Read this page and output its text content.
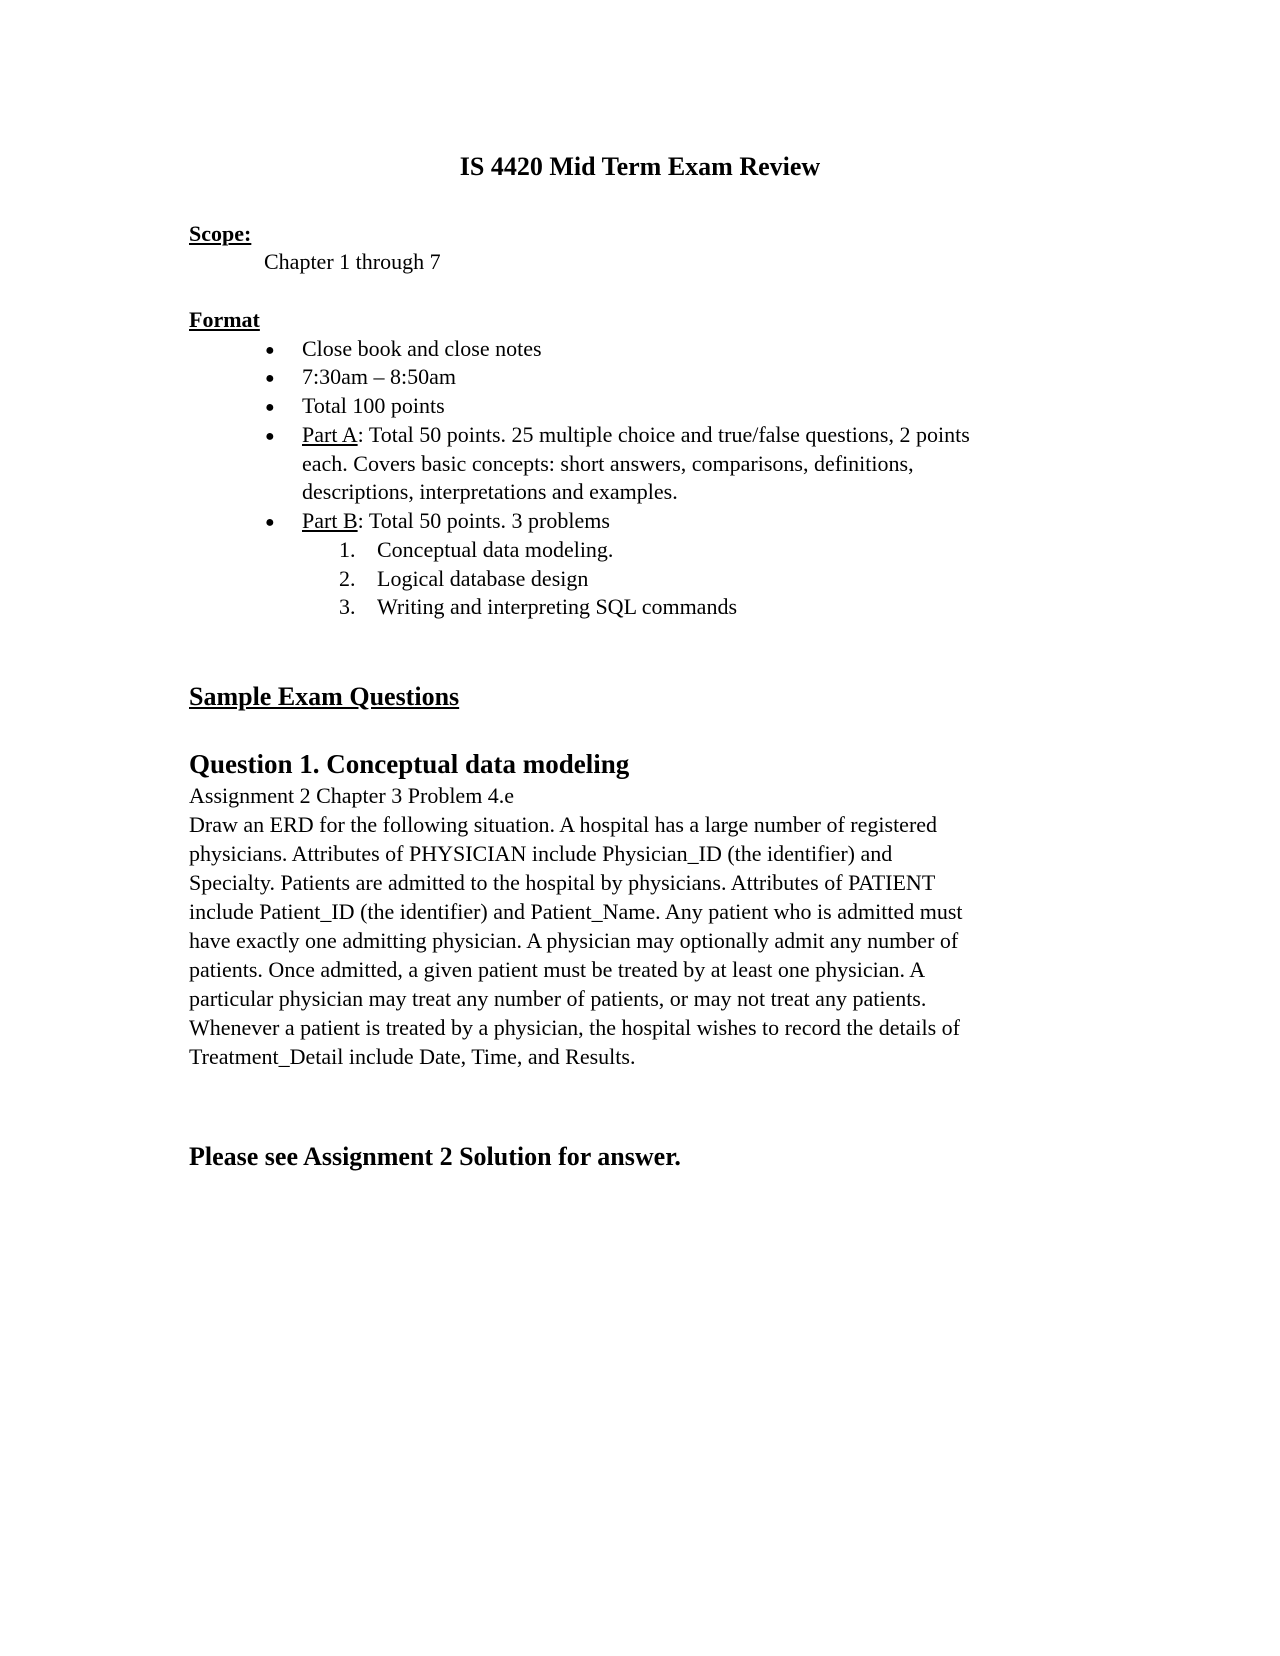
IS 4420 Mid Term Exam Review
Scope:
Chapter 1 through 7
Format
● Close book and close notes
● 7:30am – 8:50am
● Total 100 points
● Part A: Total 50 points. 25 multiple choice and true/false questions, 2 points
each. Covers basic concepts: short answers, comparisons, definitions,
descriptions, interpretations and examples.
● Part B: Total 50 points. 3 problems
1. Conceptual data modeling.
2. Logical database design
3. Writing and interpreting SQL commands
Sample Exam Questions
Question 1. Conceptual data modeling
Assignment 2 Chapter 3 Problem 4.e
Draw an ERD for the following situation. A hospital has a large number of registered
physicians. Attributes of PHYSICIAN include Physician_ID (the identifier) and
Specialty. Patients are admitted to the hospital by physicians. Attributes of PATIENT
include Patient_ID (the identifier) and Patient_Name. Any patient who is admitted must
have exactly one admitting physician. A physician may optionally admit any number of
patients. Once admitted, a given patient must be treated by at least one physician. A
particular physician may treat any number of patients, or may not treat any patients.
Whenever a patient is treated by a physician, the hospital wishes to record the details of
Treatment_Detail include Date, Time, and Results.
Please see Assignment 2 Solution for answer.
